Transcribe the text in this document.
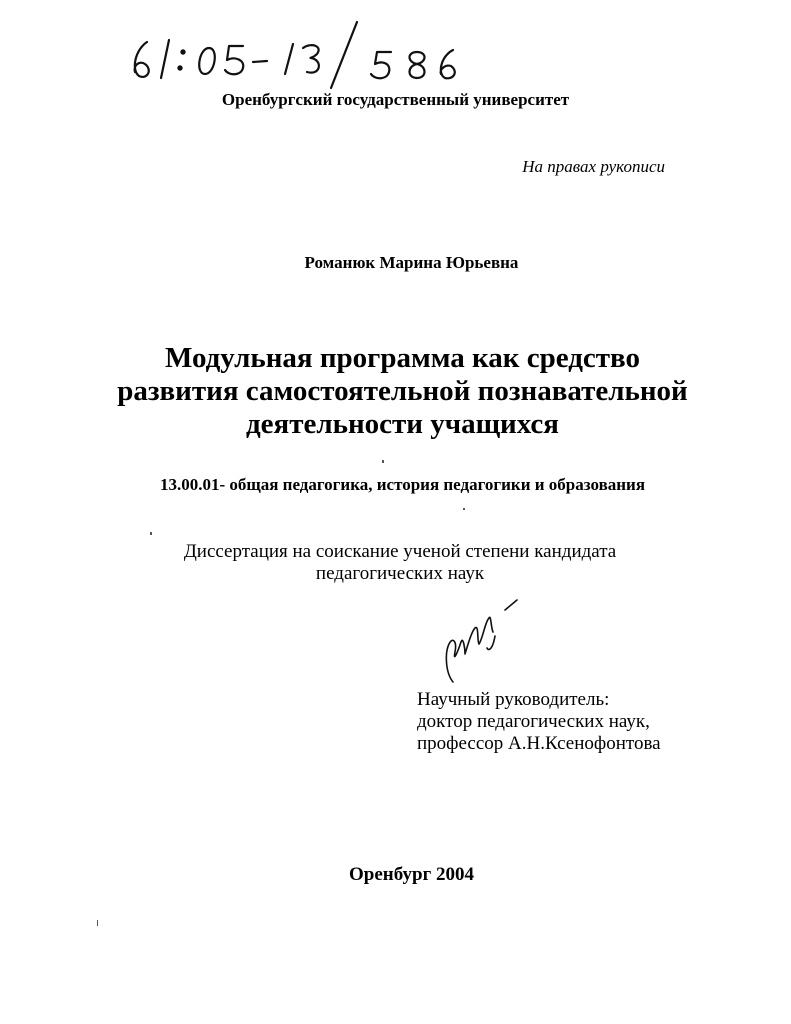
Оренбургский государственный университет
На правах рукописи
Романюк Марина Юрьевна
Модульная программа как средство
развития самостоятельной познавательной
деятельности учащихся
13.00.01- общая педагогика, история педагогики и образования
Диссертация на соискание ученой степени кандидата
педагогических наук
Научный руководитель:
доктор педагогических наук,
профессор А.Н.Ксенофонтова
Оренбург 2004
